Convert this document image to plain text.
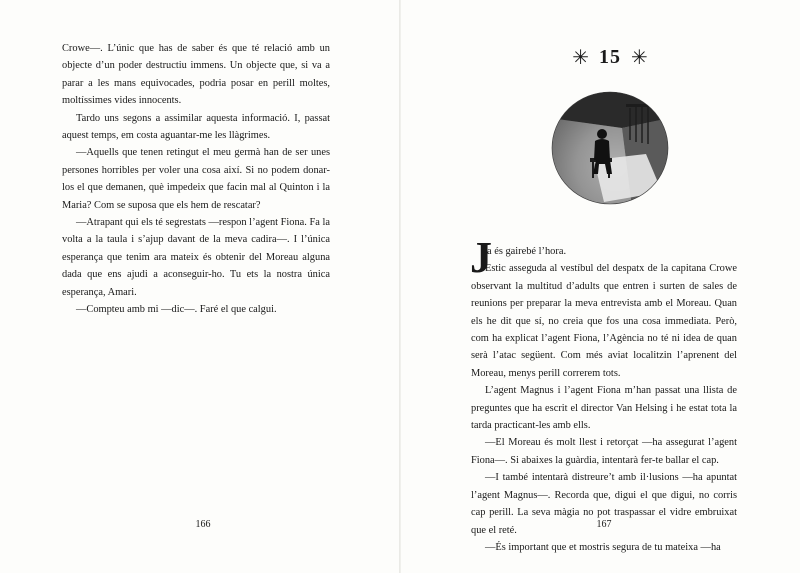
Crowe—. L’únic que has de saber és que té relació amb un objecte d’un poder destructiu immens. Un objecte que, si va a parar a les mans equivocades, podria posar en perill moltes, moltíssimes vides innocents.

Tardo uns segons a assimilar aquesta informació. I, passat aquest temps, em costa aguantar-me les llàgrimes.

—Aquells que tenen retingut el meu germà han de ser unes persones horribles per voler una cosa així. Si no podem donar-los el que demanen, què impedeix que facin mal al Quinton i la Maria? Com se suposa que els hem de rescatar?

—Atrapant qui els té segrestats —respon l’agent Fiona. Fa la volta a la taula i s’ajup davant de la meva cadira—. I l’única esperança que tenim ara mateix és obtenir del Moreau alguna dada que ens ajudi a aconseguir-ho. Tu ets la nostra única esperança, Amari.

—Compteu amb mi —dic—. Faré el que calgui.

166
✳ 15 ✳
J

a és gairebé l’hora.

Estic asseguda al vestíbul del despatx de la capitana Crowe observant la multitud d’adults que entren i surten de sales de reunions per preparar la meva entrevista amb el Moreau. Quan els he dit que sí, no creia que fos una cosa immediata. Però, com ha explicat l’agent Fiona, l’Agència no té ni idea de quan serà l’atac següent. Com més aviat localitzin l’aprenent del Moreau, menys perill correrem tots.

L’agent Magnus i l’agent Fiona m’han passat una llista de preguntes que ha escrit el director Van Helsing i he estat tota la tarda practicant-les amb ells.

—El Moreau és molt llest i retorçat —ha assegurat l’agent Fiona—. Si abaixes la guàrdia, intentarà fer-te ballar el cap.

—I també intentarà distreure’t amb il·lusions —ha apuntat l’agent Magnus—. Recorda que, digui el que digui, no corris cap perill. La seva màgia no pot traspassar el vidre embruixat que el reté.

—És important que et mostris segura de tu mateixa —ha

167
